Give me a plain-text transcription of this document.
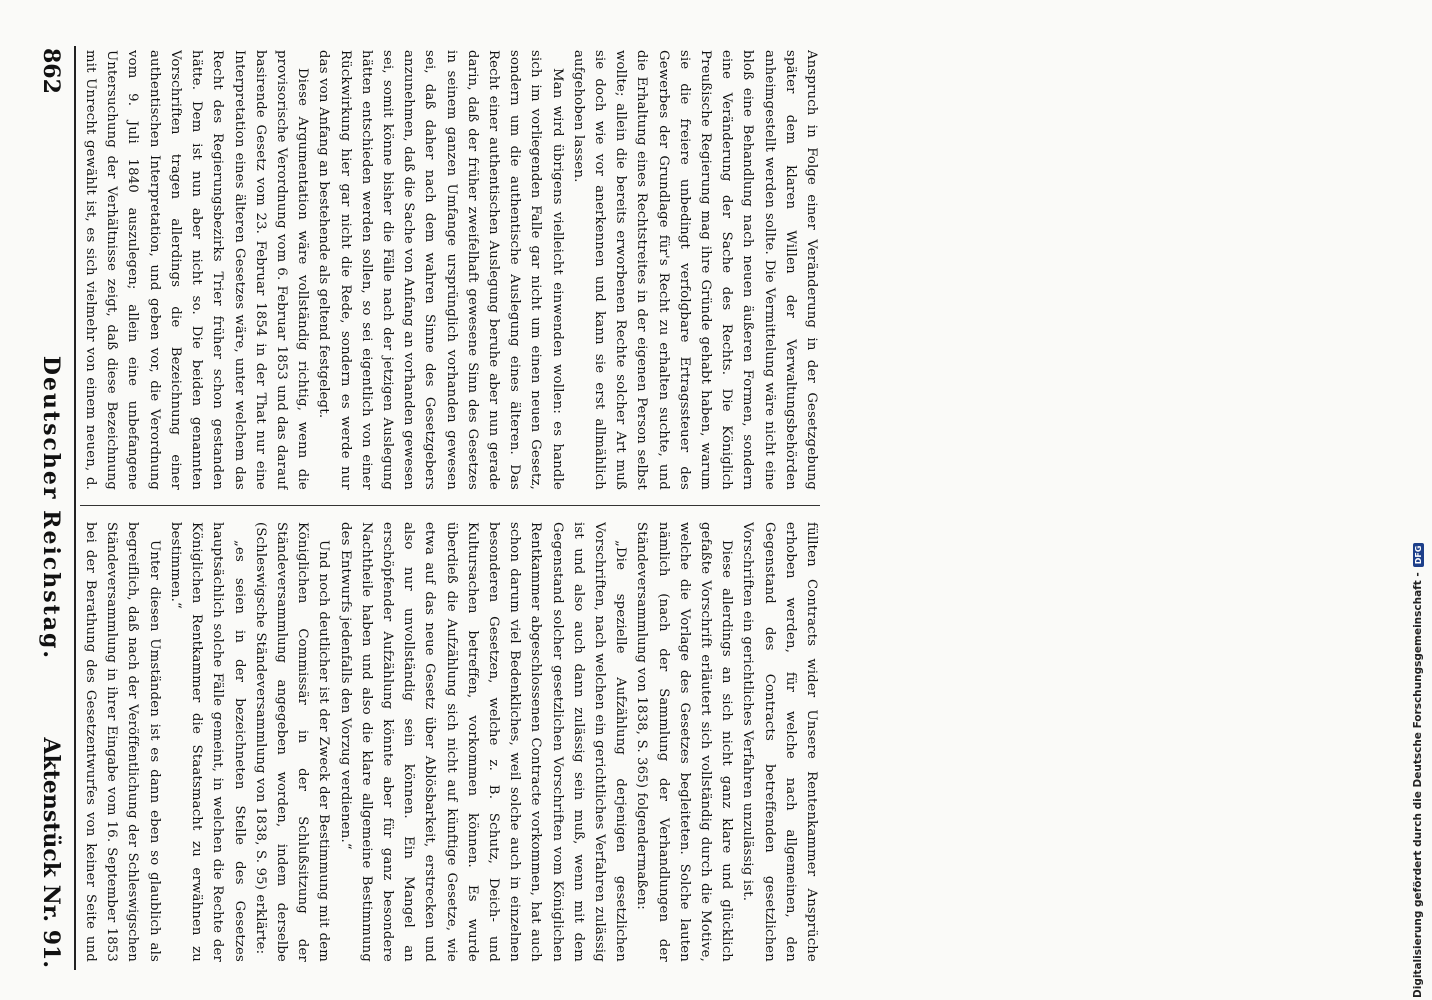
862
Deutscher Reichstag.
Aktenstück Nr. 91.

Anspruch in Folge einer Veränderung in der Gesetzgebung später dem klaren Willen der Verwaltungsbehörden anheimgestellt werden sollte. Die Vermittelung wäre nicht eine bloß eine Behandlung nach neuen äußeren Formen, sondern eine Veränderung der Sache des Rechts. Die Königlich Preußische Regierung mag ihre Gründe gehabt haben, warum sie die freiere unbedingt verfolgbare Ertragssteuer des Gewerbes der Grundlage für's Recht zu erhalten suchte, und die Erhaltung eines Rechtstreites in der eigenen Person selbst wollte; allein die bereits erworbenen Rechte solcher Art muß sie doch wie vor anerkennen und kann sie erst allmählich aufgehoben lassen.

Man wird übrigens vielleicht einwenden wollen: es handle sich im vorliegenden Falle gar nicht um einen neuen Gesetz, sondern um die authentische Auslegung eines älteren. Das Recht einer authentischen Auslegung beruhe aber nun gerade darin, daß der früher zweifelhaft gewesene Sinn des Gesetzes in seinem ganzen Umfange ursprünglich vorhanden gewesen sei, daß daher nach dem wahren Sinne des Gesetzgebers anzunehmen, daß die Sache von Anfang an vorhanden gewesen sei, somit könne bisher die Fälle nach der jetzigen Auslegung hätten entschieden werden sollen, so sei eigentlich von einer Rückwirkung hier gar nicht die Rede, sondern es werde nur das von Anfang an bestehende als geltend festgelegt.

Diese Argumentation wäre vollständig richtig, wenn die provisorische Verordnung vom 6. Februar 1853 und das darauf basirende Gesetz vom 23. Februar 1854 in der That nur eine Interpretation eines älteren Gesetzes wäre, unter welchem das Recht des Regierungsbezirks Trier früher schon gestanden hätte. Dem ist nun aber nicht so. Die beiden genannten Vorschriften tragen allerdings die Bezeichnung einer authentischen Interpretation, und geben vor, die Verordnung vom 9. Juli 1840 auszulegen; allein eine unbefangene Untersuchung der Verhältnisse zeigt, daß diese Bezeichnung mit Unrecht gewählt ist, es sich vielmehr von einem neuen, d.

füllten Contracts wider Unsere Rentenkammer Ansprüche erhoben werden, für welche nach allgemeinen, den Gegenstand des Contracts betreffenden gesetzlichen Vorschriften ein gerichtliches Verfahren unzulässig ist.

Diese allerdings an sich nicht ganz klare und glücklich gefaßte Vorschrift erläutert sich vollständig durch die Motive, welche die Vorlage des Gesetzes begleiteten. Solche lauten nämlich (nach der Sammlung der Verhandlungen der Ständeversammlung von 1838, S. 365) folgendermaßen:

„Die spezielle Aufzählung derjenigen gesetzlichen Vorschriften, nach welchen ein gerichtliches Verfahren zulässig ist und also auch dann zulässig sein muß, wenn mit dem Gegenstand solcher gesetzlichen Vorschriften vom Königlichen Rentkammer abgeschlossenen Contracte vorkommen, hat auch schon darum viel Bedenkliches, weil solche auch in einzelnen besonderen Gesetzen, welche z. B. Schutz, Deich- und Kultursachen betreffen, vorkommen können. Es wurde überdieß die Aufzählung sich nicht auf künftige Gesetze, wie etwa auf das neue Gesetz über Ablösbarkeit, erstrecken und also nur unvollständig sein können. Ein Mangel an erschöpfender Aufzählung könnte aber für ganz besondere Nachtheile haben und also die klare allgemeine Bestimmung des Entwurfs jedenfalls den Vorzug verdienen.“

Und noch deutlicher ist der Zweck der Bestimmung mit dem Königlichen Commissär in der Schlußsitzung der Ständeversammlung angegeben worden, indem derselbe (Schleswigsche Ständeversammlung von 1838, S. 95) erklärte:

„es seien in der bezeichneten Stelle des Gesetzes hauptsächlich solche Fälle gemeint, in welchen die Rechte der Königlichen Rentkammer die Staatsmacht zu erwähnen zu bestimmen.“

Unter diesen Umständen ist es dann eben so glaublich als begreiflich, daß nach der Veröffentlichung der Schleswigschen Ständeversammlung in ihrer Eingabe vom 16. September 1853 bei der Berathung des Gesetzentwurfes von keiner Seite und	Digitalisierung gefördert durch die Deutsche Forschungsgemeinschaft -
DFG
